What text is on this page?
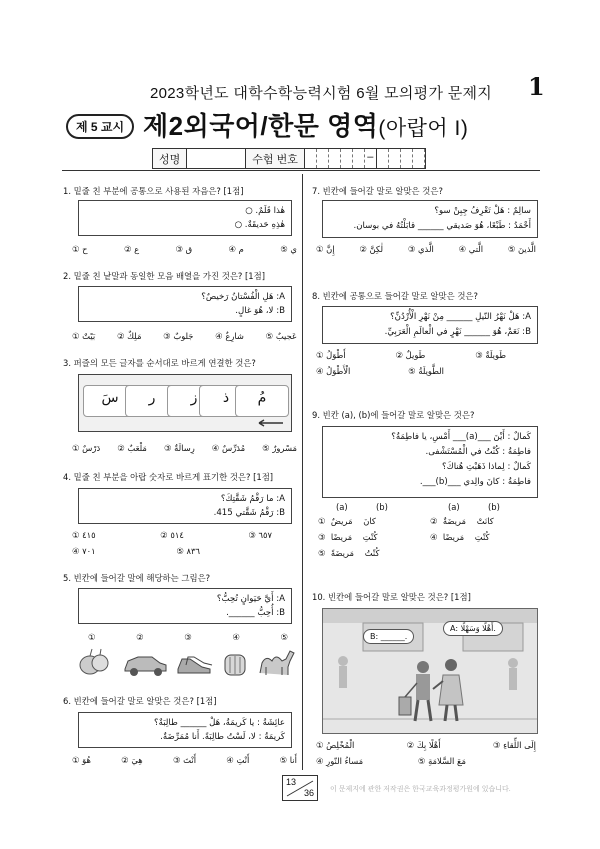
2023학년도 대학수학능력시험 6월 모의평가 문제지 1
제 5 교시 제2외국어/한문 영역(아랍어 I)
성명	수험 번호	–
1. 밑줄 친 부분에 공통으로 사용된 자음은? [1점]
هٰذا قَلَمٌ. ○
هٰذِهِ حَديقَةٌ. ○
① ح	② ع	③ ق	④ م	⑤ ي
2. 밑줄 친 낱말과 동일한 모음 배열을 가진 것은? [1점]
A: هَلِ الْفُسْتانُ رَخيصٌ؟
B: لا، هُوَ غالٍ.
① بَيْتٌ	② مَلِكٌ	③ جَلوبٌ	④ شارِعٌ	⑤ عَجيبٌ
3. 퍼즐의 모든 글자를 순서대로 바르게 연결한 것은?
سَ	ر	ز	ذ	مُ
① دَرْسٌ ② مَلْعَبٌ ③ رِسالَةٌ ④ مُدَرِّسٌ ⑤ مَسْرورٌ
4. 밑줄 친 부분을 아랍 숫자로 바르게 표기한 것은? [1점]
A: ما رَقْمُ شَقَّتِكَ؟
B: رَقْمُ شَقَّتي 415.
① ٤١٥	② ٥١٤	③ ٦٥٧
④ ٧٠١	⑤ ٨٣٦
5. 빈칸에 들어갈 말에 해당하는 그림은?
A: أَيَّ حَيَوانٍ تُحِبُّ؟
B: أُحِبُّ ______.
①	②	③	④	⑤
6. 빈칸에 들어갈 말로 알맞은 것은? [1점]
عائِشَةُ : يا كَريمَةُ، هَلْ ______ طالِبَةٌ؟
كَريمَةُ : لا، لَسْتُ طالِبَةً. أَنا مُمَرِّضَةٌ.
① هُوَ	② هِيَ	③ أَنْتَ	④ أَنْتِ	⑤ أَنا
7. 빈칸에 들어갈 말로 알맞은 것은?
سالِمٌ : هَلْ تَعْرِفُ جِبِنْ سو؟
أَحْمَدُ : طَبْعًا، هُوَ صَديقي ______ قابَلْتُهُ في بوسان.
① إِنَّ	② لٰكِنَّ	③ الَّذي	④ الَّتي	⑤ الَّذينَ
8. 빈칸에 공통으로 들어갈 말로 알맞은 것은?
A: هَلْ نَهْرُ النّيلِ ______ مِنْ نَهْرِ الْأُرْدُنِّ؟
B: نَعَمْ، هُوَ ______ نَهْرٍ في الْعالَمِ الْعَرَبِيِّ.
① أَطْوَلُ	② طَويلٌ	③ طَويلَةٌ
④ الْأَطْوَلُ	⑤ الطَّويلَةُ
9. 빈칸 (a), (b)에 들어갈 말로 알맞은 것은?
كَمالٌ : أَيْنَ ___(a)___ أَمْسِ، يا فاطِمَةُ؟
فاطِمَةُ : كُنْتُ في الْمُسْتَشْفى.
كَمالٌ : لِماذا ذَهَبْتِ هُناكَ؟
فاطِمَةُ : كانَ والِدي ___(b)___.
(a)	(b)	(a)	(b)
①	كانَ    مَريضٌ	②	كانَتْ    مَريضَةٌ
③	كُنْتِ    مَريضًا	④	كُنْتِ    مَريضًا
⑤	كُنْتُ    مَريضَةً
10. 빈칸에 들어갈 말로 알맞은 것은? [1점]
A: أَهْلًا وَسَهْلًا.
B: ______.
① الْمُخْلِصُ	② أَهْلًا بِكَ	③ إِلَى اللِّقاءِ
④ مَساءُ النّورِ	⑤ مَعَ السَّلامَةِ
13
36 이 문제지에 관한 저작권은 한국교육과정평가원에 있습니다.
